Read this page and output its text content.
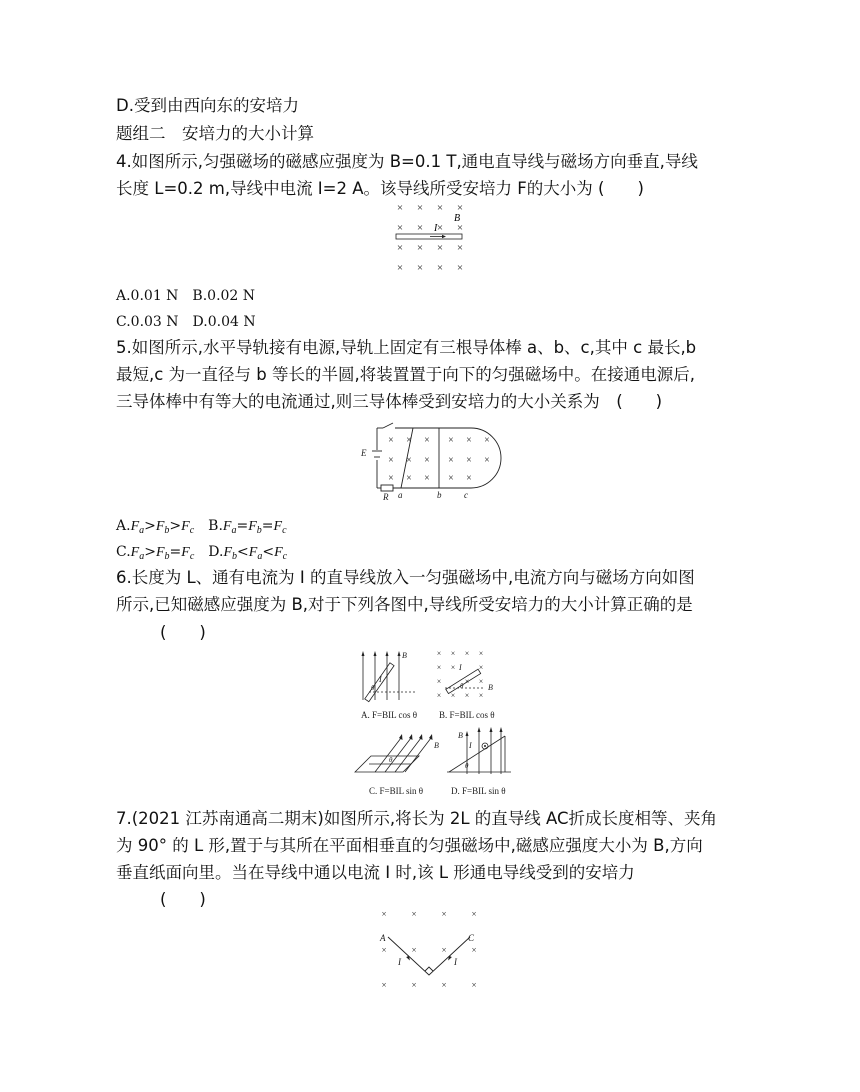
D.受到由西向东的安培力
题组二　安培力的大小计算
4.如图所示,匀强磁场的磁感应强度为 B=0.1 T,通电直导线与磁场方向垂直,导线
长度 L=0.2 m,导线中电流 I=2 A。该导线所受安培力 F的大小为 (　　)
× × × ×
× × × ×
× × × ×
× × × ×
I
B
A.0.01 N　B.0.02 N
C.0.03 N　D.0.04 N
5.如图所示,水平导轨接有电源,导轨上固定有三根导体棒 a、b、c,其中 c 最长,b
最短,c 为一直径与 b 等长的半圆,将装置置于向下的匀强磁场中。在接通电源后,
三导体棒中有等大的电流通过,则三导体棒受到安培力的大小关系为　(　　)
× × × × × ×
× × × × × ×
× × × × ×
E
R a	b	c
$A.F_a>F_b>F_c$　$B.F_a=F_b=F_c$
$C.F_a>F_b=F_c$　$D.F_b<F_a<F_c$
6.长度为 L、通有电流为 I 的直导线放入一匀强磁场中,电流方向与磁场方向如图
所示,已知磁感应强度为 B,对于下列各图中,导线所受安培力的大小计算正确的是
(　　)
B
I
θ
× × × ×
× ×	×
×	× ×
× × × ×
I
θ	B
A. F=BIL cos θ B. F=BIL cos θ
B
θ
I
θ
B
C. F=BIL sin θ	D. F=BIL sin θ
7.(2021 江苏南通高二期末)如图所示,将长为 2L 的直导线 AC折成长度相等、夹角
为 90° 的 L 形,置于与其所在平面相垂直的匀强磁场中,磁感应强度大小为 B,方向
垂直纸面向里。当在导线中通以电流 I 时,该 L 形通电导线受到的安培力
(　　)
×	×	×	×
×	×	×	×
×	×	×	×
A	C
I	I
